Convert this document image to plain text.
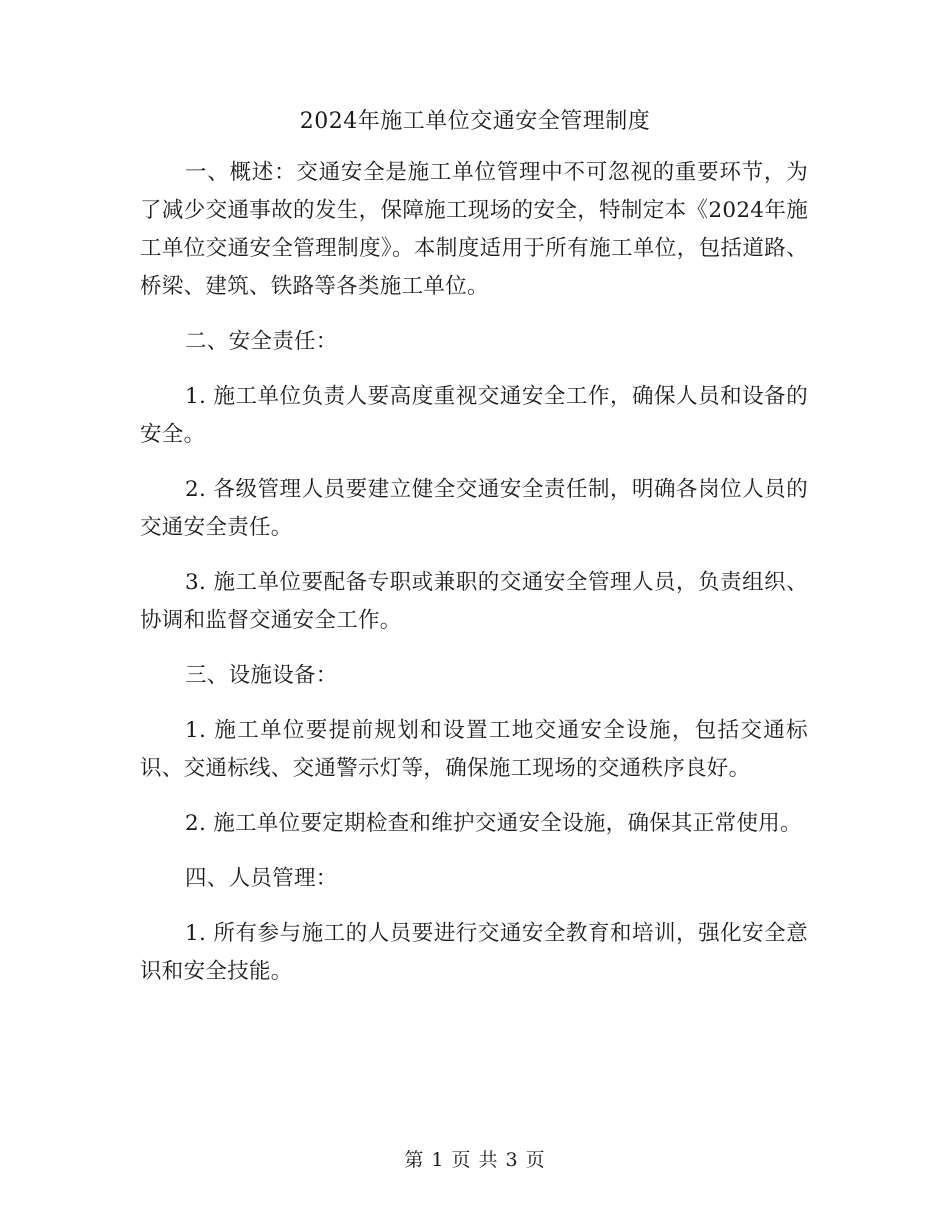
2024年施工单位交通安全管理制度

一、概述：交通安全是施工单位管理中不可忽视的重要环节，为了减少交通事故的发生，保障施工现场的安全，特制定本《2024年施工单位交通安全管理制度》。本制度适用于所有施工单位，包括道路、桥梁、建筑、铁路等各类施工单位。

二、安全责任：

1. 施工单位负责人要高度重视交通安全工作，确保人员和设备的安全。

2. 各级管理人员要建立健全交通安全责任制，明确各岗位人员的交通安全责任。

3. 施工单位要配备专职或兼职的交通安全管理人员，负责组织、协调和监督交通安全工作。

三、设施设备：

1. 施工单位要提前规划和设置工地交通安全设施，包括交通标识、交通标线、交通警示灯等，确保施工现场的交通秩序良好。

2. 施工单位要定期检查和维护交通安全设施，确保其正常使用。

四、人员管理：

1. 所有参与施工的人员要进行交通安全教育和培训，强化安全意识和安全技能。

第 1 页 共 3 页
